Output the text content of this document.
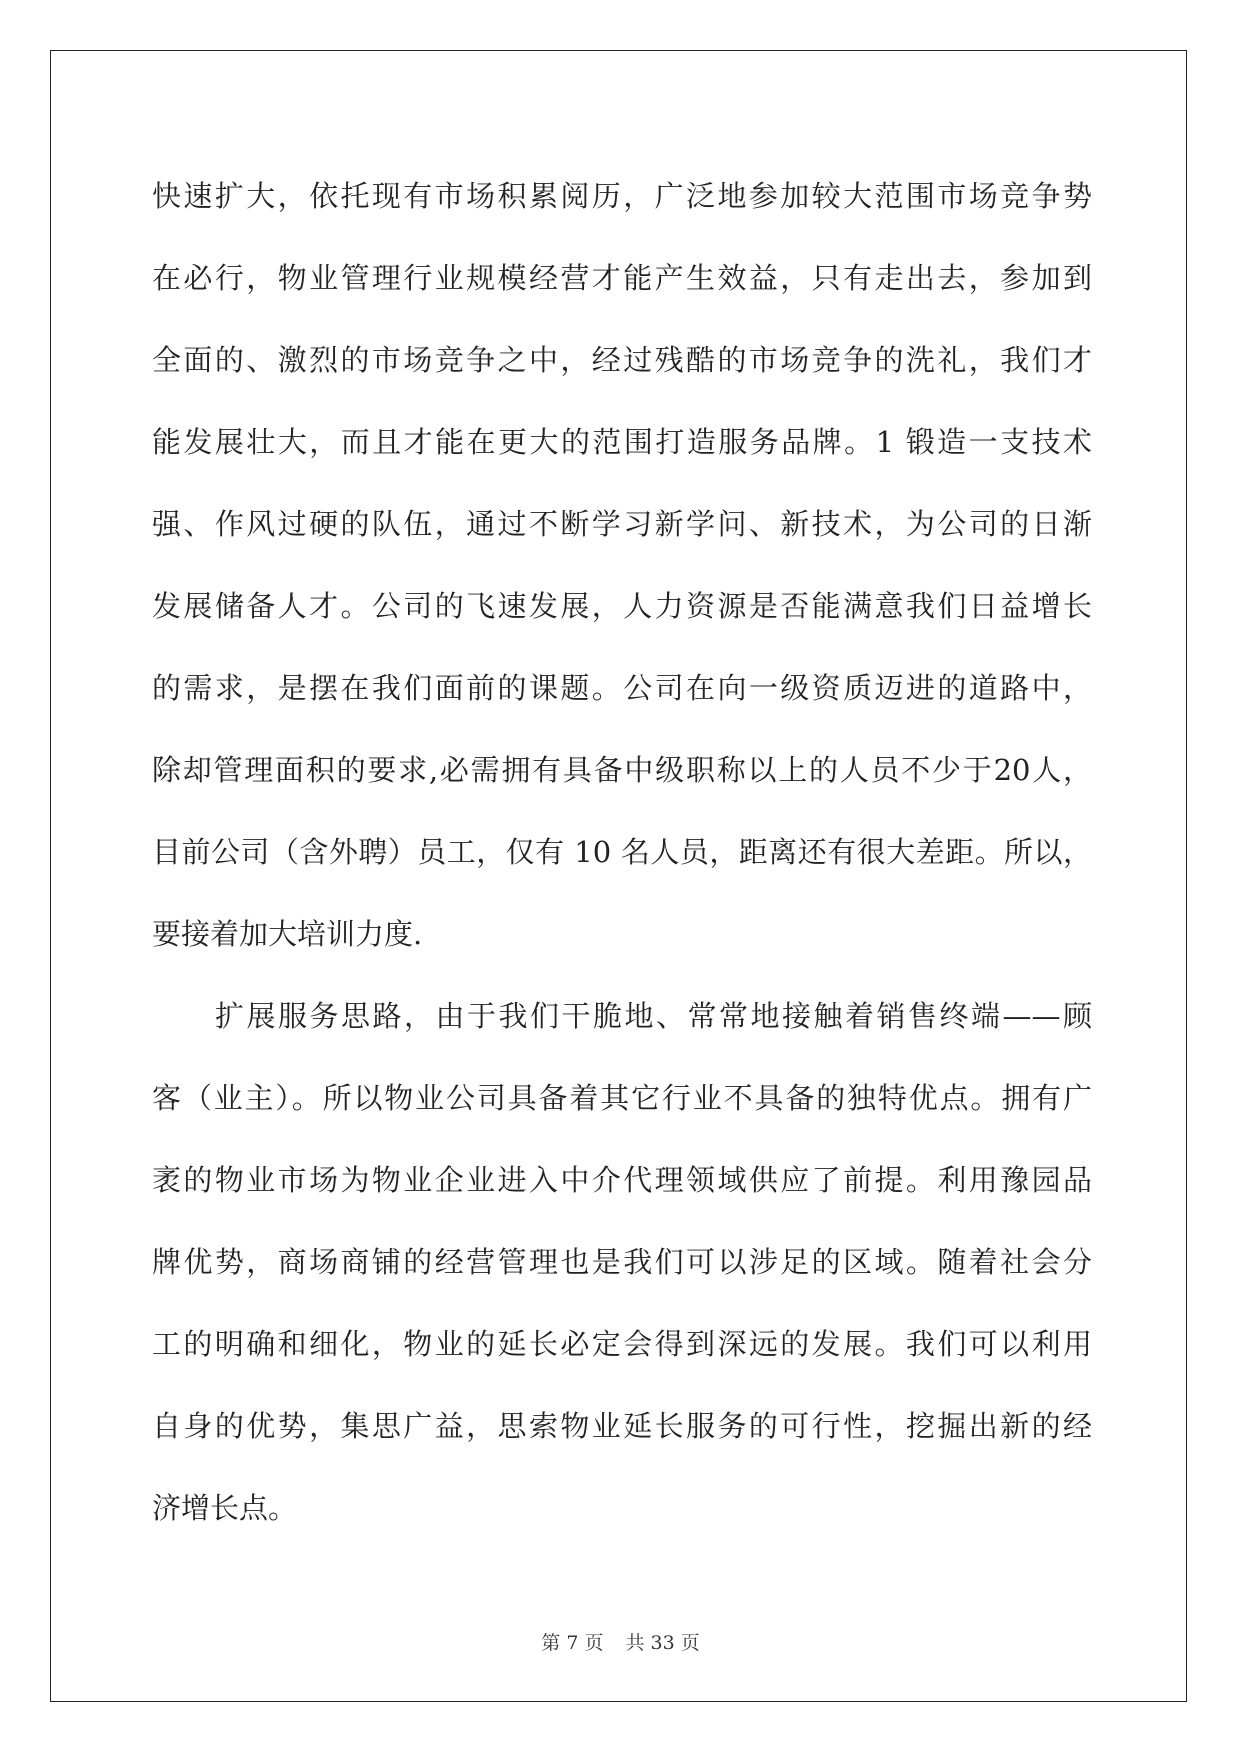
快速扩大，依托现有市场积累阅历，广泛地参加较大范围市场竞争势
在必行，物业管理行业规模经营才能产生效益，只有走出去，参加到
全面的、激烈的市场竞争之中，经过残酷的市场竞争的洗礼，我们才
能发展壮大，而且才能在更大的范围打造服务品牌。1 锻造一支技术
强、作风过硬的队伍，通过不断学习新学问、新技术，为公司的日渐
发展储备人才。公司的飞速发展，人力资源是否能满意我们日益增长
的需求，是摆在我们面前的课题。公司在向一级资质迈进的道路中，
除却管理面积的要求,必需拥有具备中级职称以上的人员不少于20人，
目前公司（含外聘）员工，仅有 10 名人员，距离还有很大差距。所以，
要接着加大培训力度.
　　扩展服务思路，由于我们干脆地、常常地接触着销售终端——顾
客（业主）。所以物业公司具备着其它行业不具备的独特优点。拥有广
袤的物业市场为物业企业进入中介代理领域供应了前提。利用豫园品
牌优势，商场商铺的经营管理也是我们可以涉足的区域。随着社会分
工的明确和细化，物业的延长必定会得到深远的发展。我们可以利用
自身的优势，集思广益，思索物业延长服务的可行性，挖掘出新的经
济增长点。
第 7 页 共 33 页
